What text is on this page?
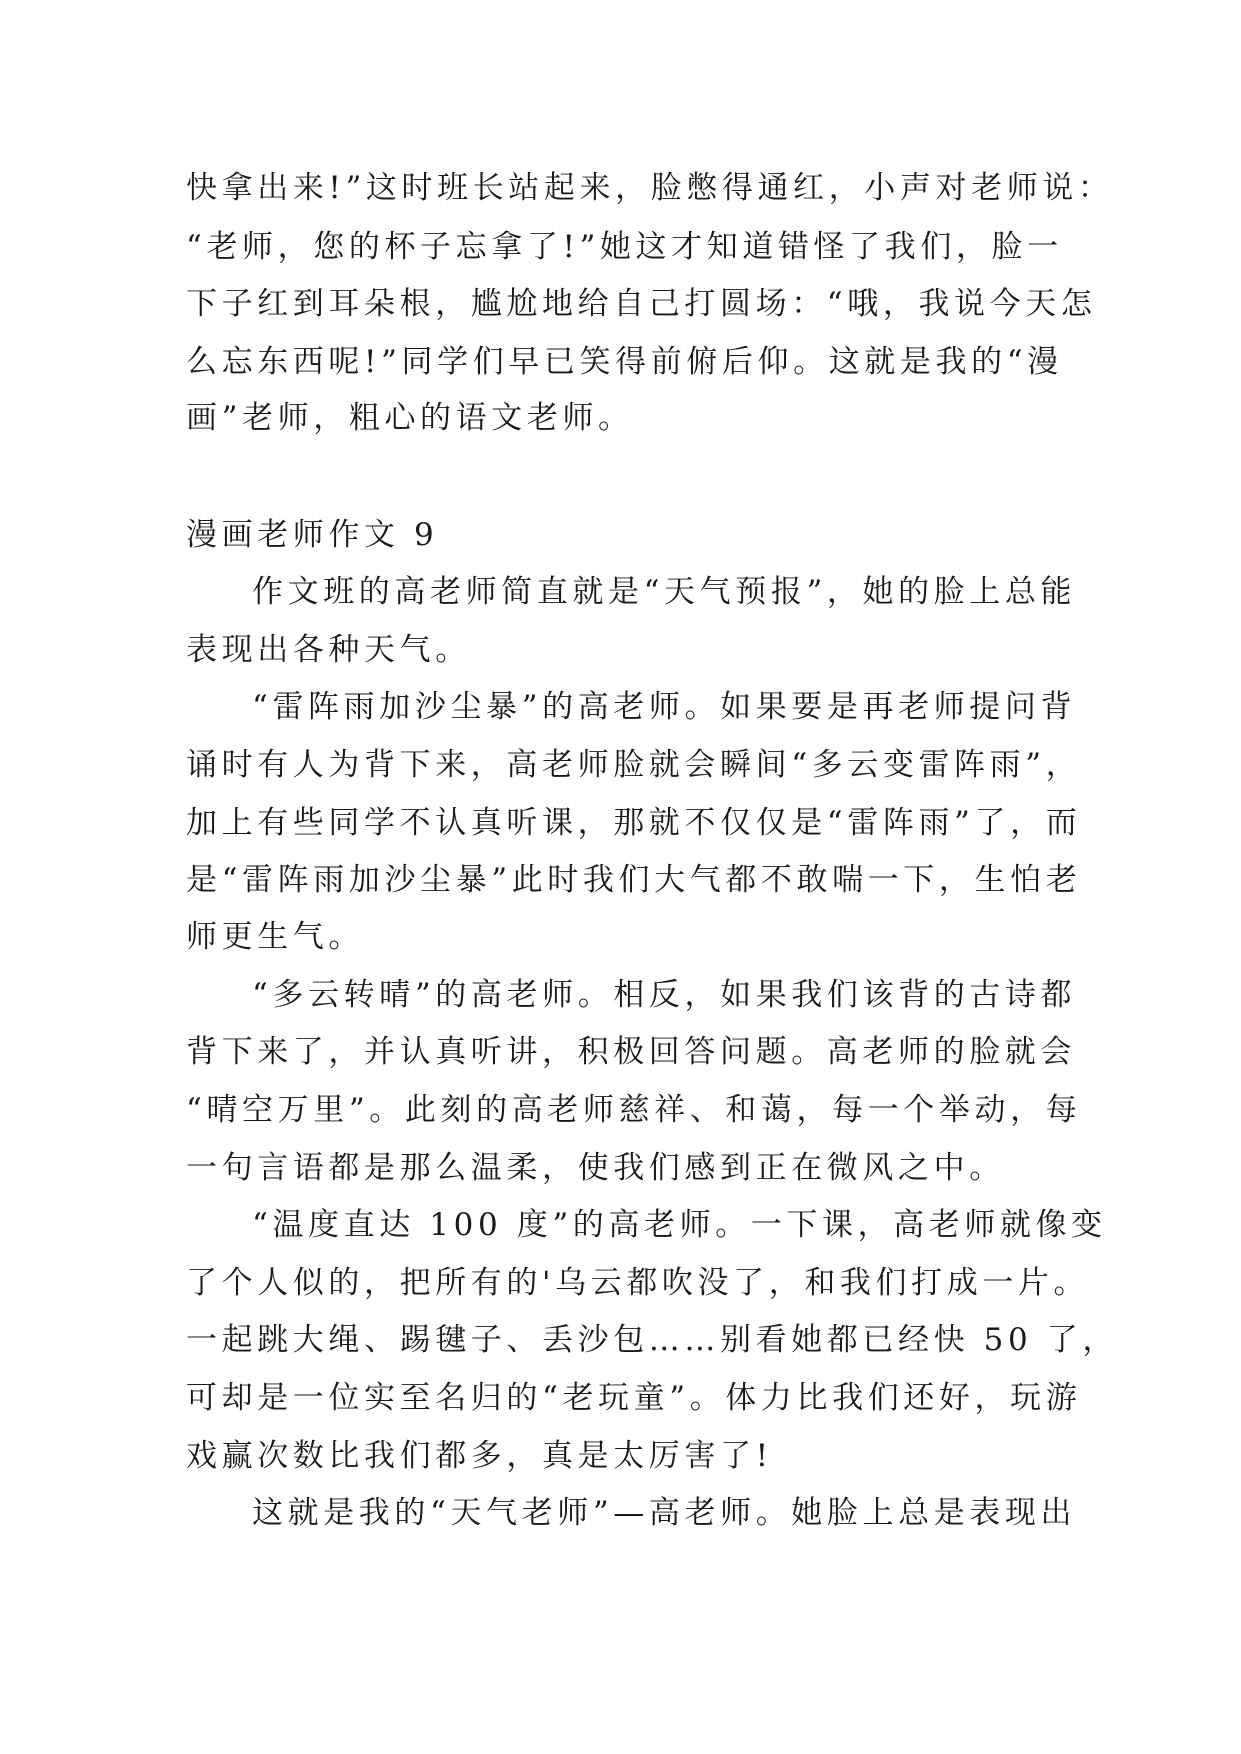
快拿出来!”这时班长站起来，脸憋得通红，小声对老师说：
“老师，您的杯子忘拿了!”她这才知道错怪了我们，脸一
下子红到耳朵根，尴尬地给自己打圆场：“哦，我说今天怎
么忘东西呢!”同学们早已笑得前俯后仰。这就是我的“漫
画”老师，粗心的语文老师。
漫画老师作文 9
作文班的高老师简直就是“天气预报”，她的脸上总能
表现出各种天气。
“雷阵雨加沙尘暴”的高老师。如果要是再老师提问背
诵时有人为背下来，高老师脸就会瞬间“多云变雷阵雨”，
加上有些同学不认真听课，那就不仅仅是“雷阵雨”了，而
是“雷阵雨加沙尘暴”此时我们大气都不敢喘一下，生怕老
师更生气。
“多云转晴”的高老师。相反，如果我们该背的古诗都
背下来了，并认真听讲，积极回答问题。高老师的脸就会
“晴空万里”。此刻的高老师慈祥、和蔼，每一个举动，每
一句言语都是那么温柔，使我们感到正在微风之中。
“温度直达 100 度”的高老师。一下课，高老师就像变
了个人似的，把所有的'乌云都吹没了，和我们打成一片。
一起跳大绳、踢毽子、丢沙包……别看她都已经快 50 了，
可却是一位实至名归的“老玩童”。体力比我们还好，玩游
戏赢次数比我们都多，真是太厉害了!
这就是我的“天气老师”—高老师。她脸上总是表现出
